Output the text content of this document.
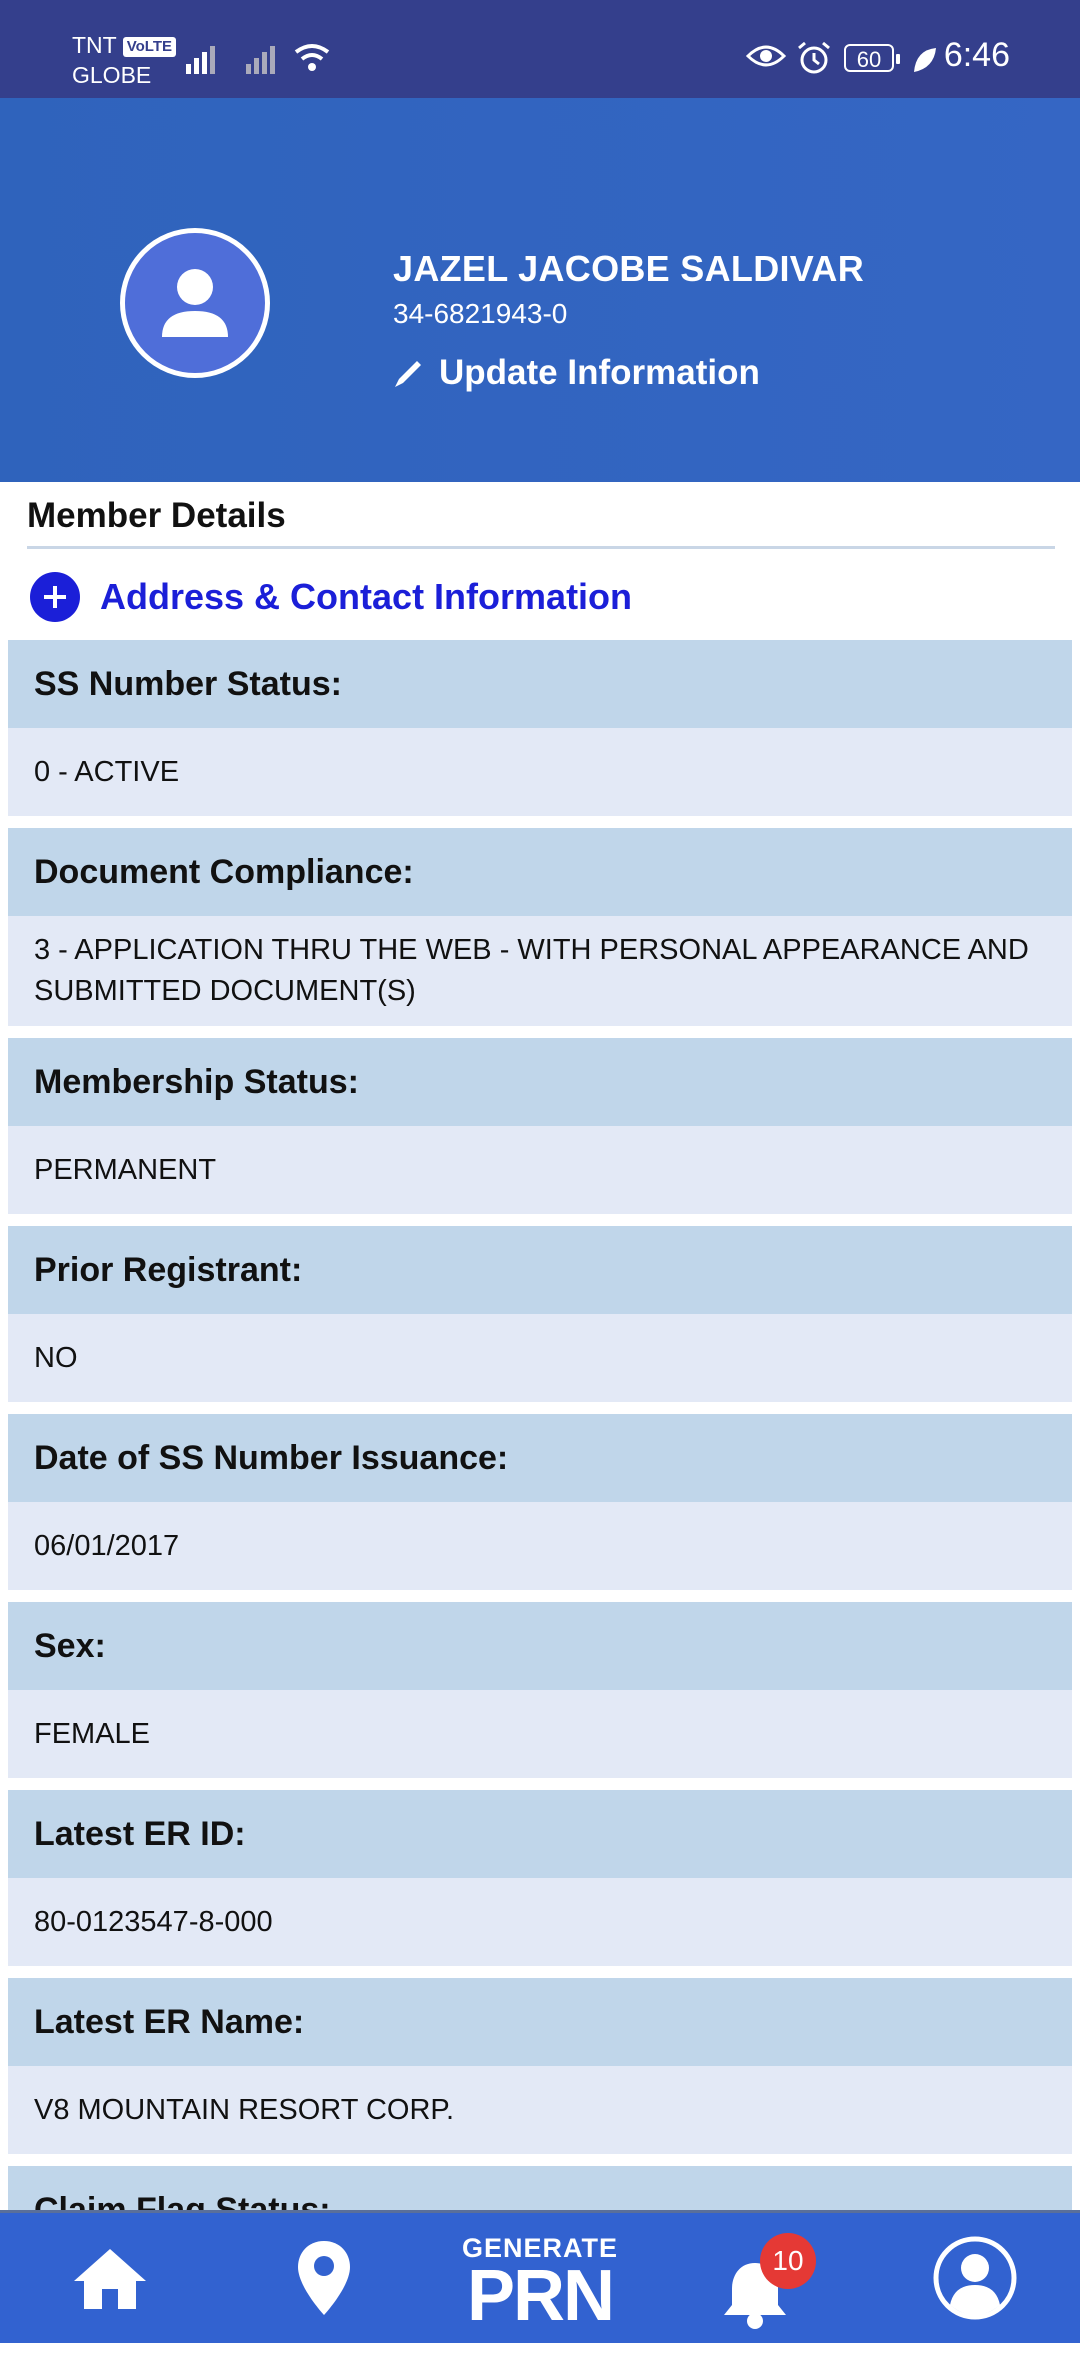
TNT VoLTE
GLOBE
60	6:46
JAZEL JACOBE SALDIVAR
34-6821943-0
Update Information
Member Details
Address & Contact Information
SS Number Status:
0 - ACTIVE
Document Compliance:
3 - APPLICATION THRU THE WEB - WITH PERSONAL APPEARANCE AND SUBMITTED DOCUMENT(S)
Membership Status:
PERMANENT
Prior Registrant:
NO
Date of SS Number Issuance:
06/01/2017
Sex:
FEMALE
Latest ER ID:
80-0123547-8-000
Latest ER Name:
V8 MOUNTAIN RESORT CORP.
GENERATE
PRN	10
